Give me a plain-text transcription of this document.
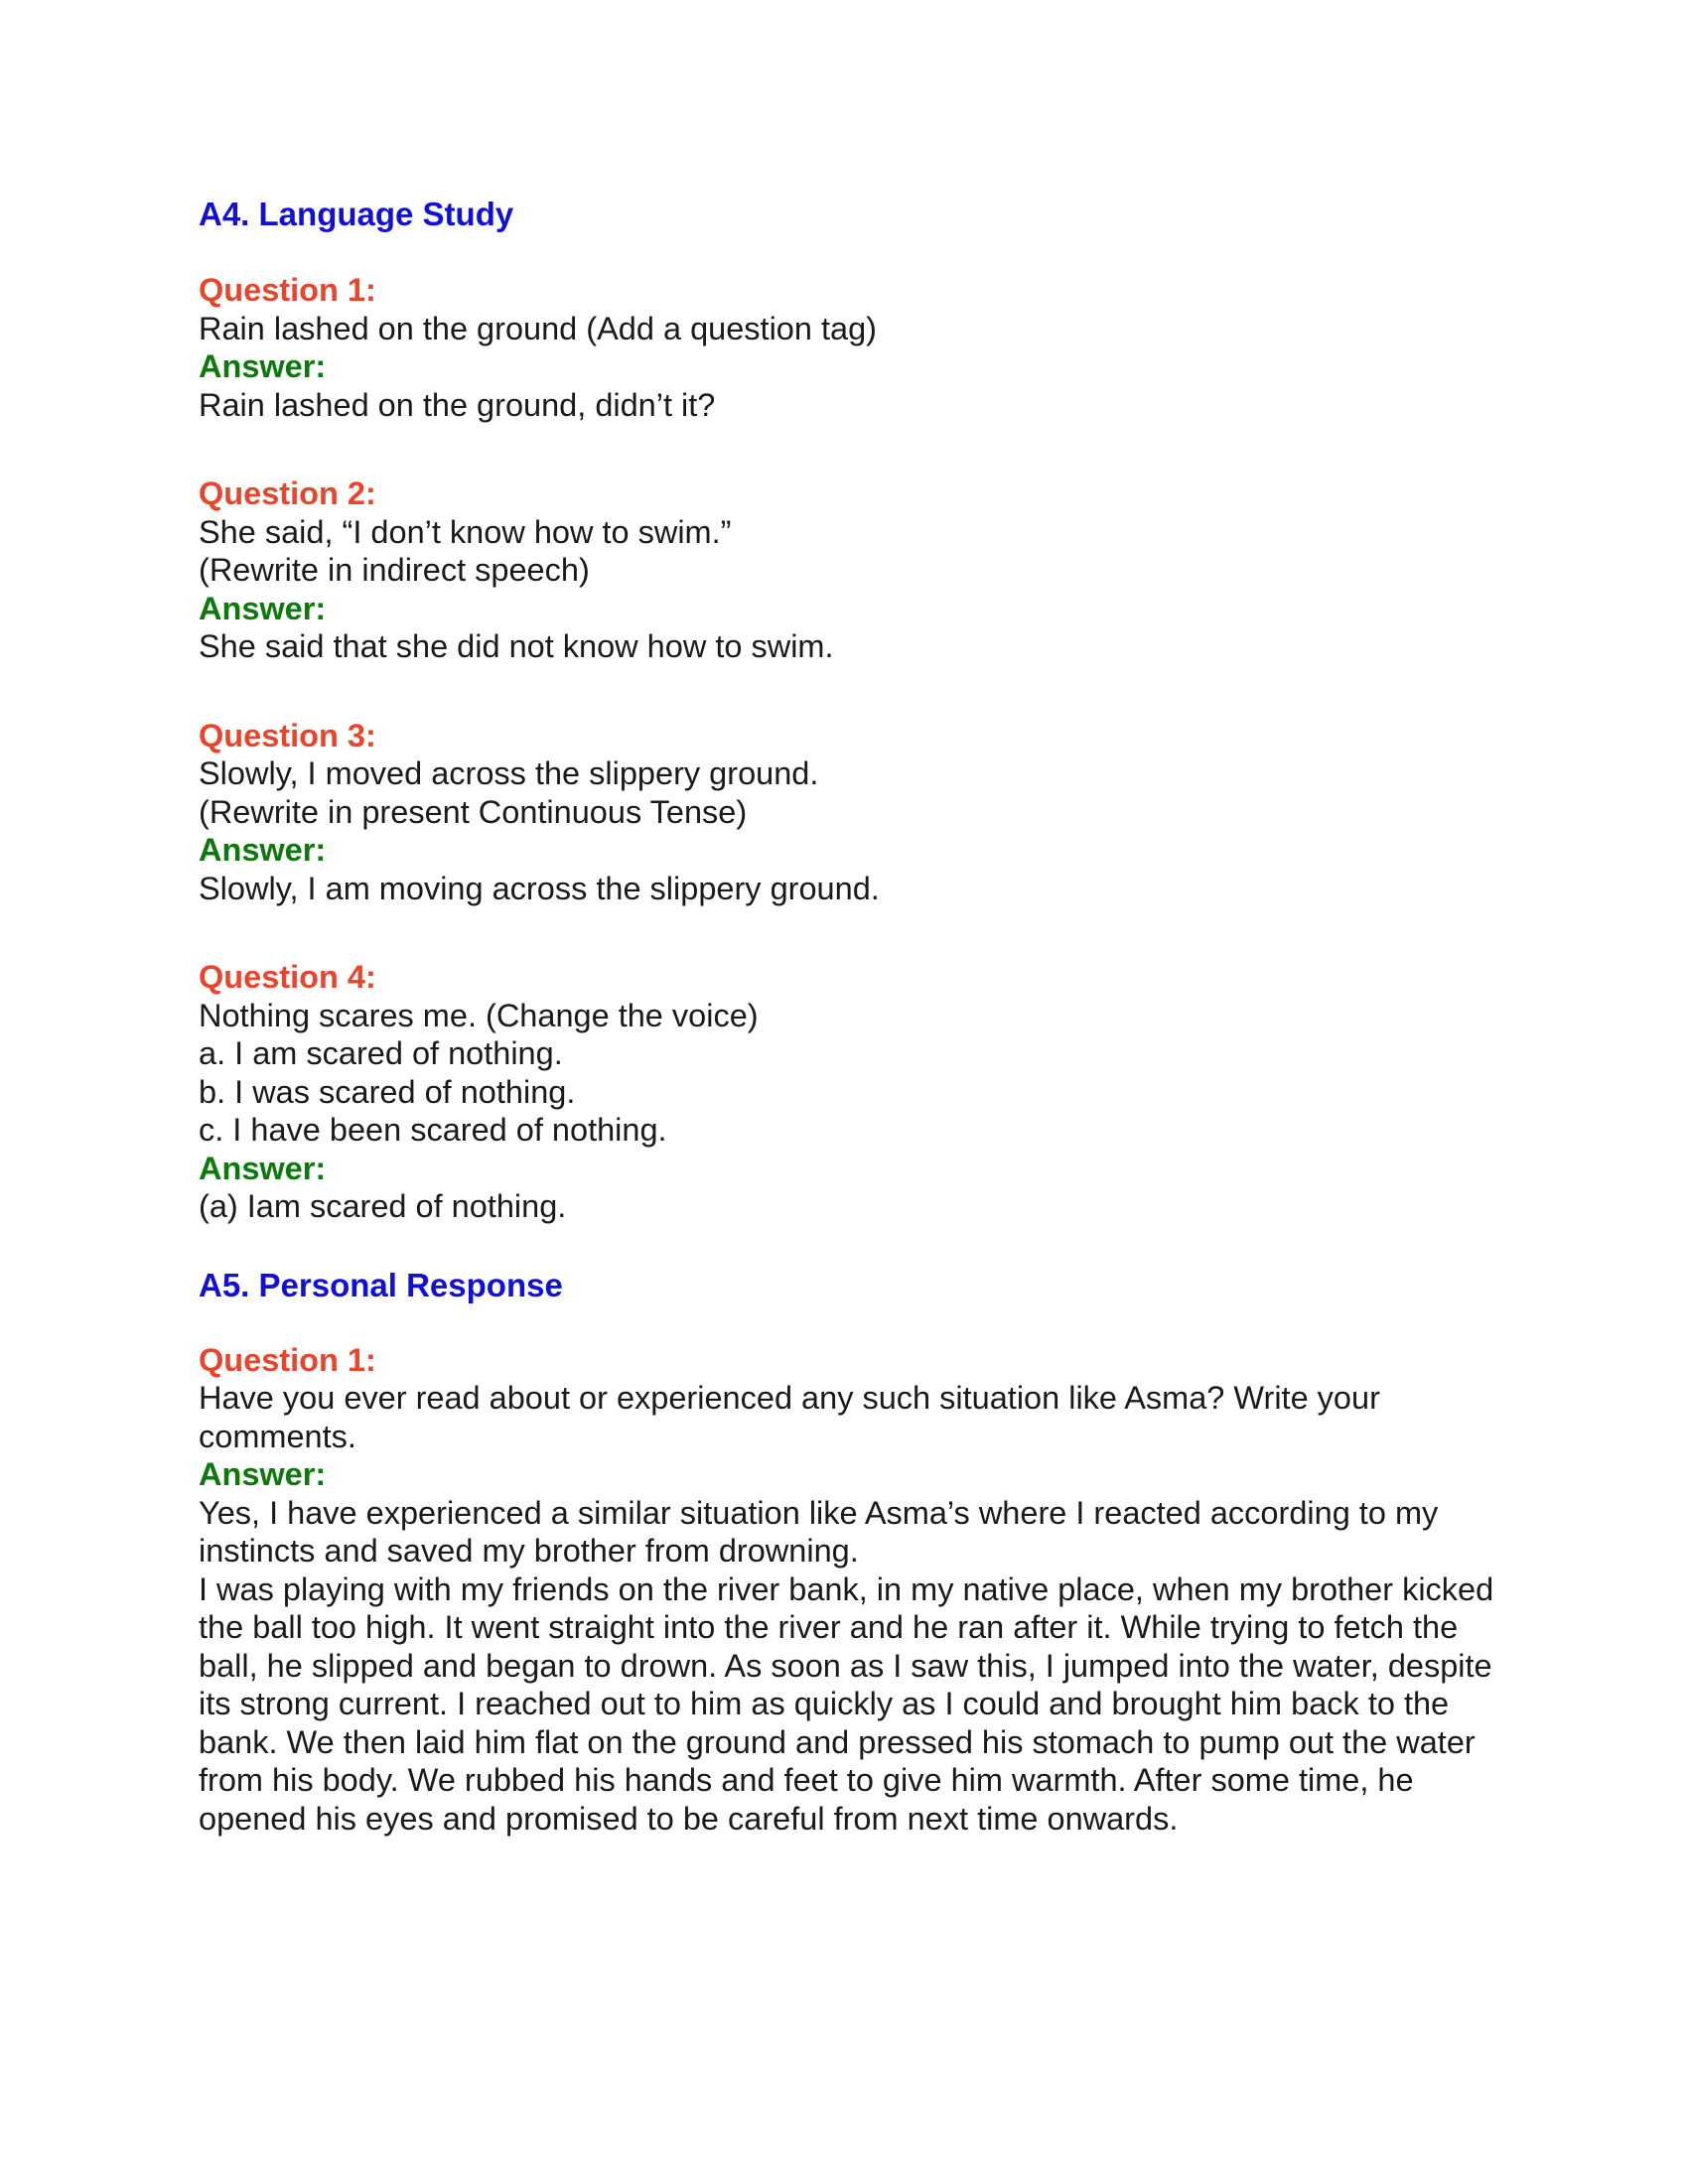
A4. Language Study
Question 1:
Rain lashed on the ground (Add a question tag)
Answer:
Rain lashed on the ground, didn’t it?
Question 2:
She said, “I don’t know how to swim.”
(Rewrite in indirect speech)
Answer:
She said that she did not know how to swim.
Question 3:
Slowly, I moved across the slippery ground.
(Rewrite in present Continuous Tense)
Answer:
Slowly, I am moving across the slippery ground.
Question 4:
Nothing scares me. (Change the voice)
a. I am scared of nothing.
b. I was scared of nothing.
c. I have been scared of nothing.
Answer:
(a) Iam scared of nothing.
A5. Personal Response
Question 1:
Have you ever read about or experienced any such situation like Asma? Write your comments.
Answer:
Yes, I have experienced a similar situation like Asma’s where I reacted according to my instincts and saved my brother from drowning.
I was playing with my friends on the river bank, in my native place, when my brother kicked the ball too high. It went straight into the river and he ran after it. While trying to fetch the ball, he slipped and began to drown. As soon as I saw this, I jumped into the water, despite its strong current. I reached out to him as quickly as I could and brought him back to the bank. We then laid him flat on the ground and pressed his stomach to pump out the water from his body. We rubbed his hands and feet to give him warmth. After some time, he opened his eyes and promised to be careful from next time onwards.
